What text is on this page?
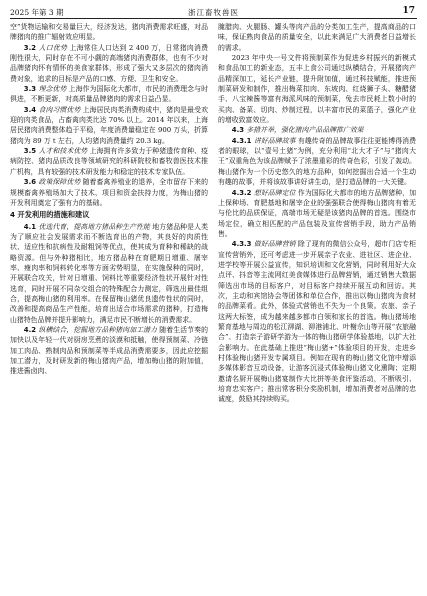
2025 年第 3 期	浙江畜牧兽医	17

空”货物运输和交易量巨大，经济发达，猪肉消费需求旺盛，对品牌猪肉的推广辐射效应明显。

3.2 人口优势 上海常住人口达到 2 400 万，日常猪肉消费刚性很大，同时存在不可小觑的高端猪肉消费群体，也有不少对品牌猪肉怀有情怀的美食家群体，形成了强大又多层次的猪肉消费对象，追求的目标是产品的口感、方便、卫生和安全。

3.3 理念优势 上海作为国际化大都市，市民的消费理念与时俱进，不断更新，对高质量品牌猪肉的需求日益凸显。

3.4 食肉习惯优势 上海居民肉类消费构成中，猪肉是最受欢迎的肉类食品，占畜禽肉类比达 70% 以上。2014 年以来，上海居民猪肉消费整体趋于平稳，年度消费量稳定在 900 万头，折算猪肉为 89 万 t 左右，人均猪肉消费量约 20.3 kg。

3.5 人才和技术优势 上海拥有许多致力于种猪遗传育种、疫病防控、猪肉品质改良等领域研究的科研院校和畜牧兽医技术推广机构，具有较强的技术研发能力和稳定的技术专家队伍。

3.6 政策保障优势 随着畜禽养殖业的退养，全市留存下来的规模畜禽养殖场加大了技术、项目和资金扶持力度，为梅山猪的开发利用奠定了强有力的基础。

4 开发利用的措施和建议

4.1 优选代育，提高地方猪品种生产性能 地方猪品种是人类为了顺应社会发展需求而不断选育出的产物，其良好的肉质性状、适应性和抗病性及耐粗饲等优点，使其成为育种和稀缺的战略资源。但与外种猪相比，地方猪品种在育肥期日增重、屠宰率、瘦肉率和饲料转化率等方面劣势明显，在实施保种的同时，开展联合攻关，针对日增重、饲料比等重要经济性状开展针对性选育，同时开展不同杂交组合的特殊配合力测定，筛选出最佳组合，提高梅山猪的利用率。在保留梅山猪优良遗传性状的同时，改善和提高商品生产性能，培育出适合市场需求的猪种，打造梅山猪特色品牌并提升影响力，满足市民不断增长的消费需求。

4.2 纵横结合，挖掘地方品种猪肉加工潜力 随着生活节奏的加快以及年轻一代对厨房烹煮的淡漠和抵触，使得预制菜、冷链加工肉品、熟制肉品和预制菜等半成品消费需要多，因此应挖掘加工潜力，及时研发新的梅山猪肉产品，增加梅山猪的附加值，推进酱卤肉、

腌腊肉、火腿肠、罐头等肉产品的分类加工生产，提高商品的口味，保证熟肉食品的质量安全，以此来满足广大消费者日益增长的需求。

2023 年中央一号文件将预制菜作为促进乡村振兴的新模式和食品加工的新业态，五丰上食公司通过纵横结合，开展猪肉产品精深加工，延长产业链，提升附加值，通过科技赋能，推进预制菜研发和制作，推出梅菜扣肉、东坡肉、红烧狮子头、糖醋猪手、八宝辣酱等富有海派风味的预制菜，兔去市民耗上数小时的买肉、备菜、切肉、炒制过程，以丰富市民的菜篮子，强化产业的增收致富效应。

4.3 多措并举，强化猪肉产品品牌推广效果

4.3.1 讲好品牌故事 有趣传奇的品牌故事往往更能博得消费者的眼球，以“壹号土猪”为例，充分利用“北大才子”与“猪肉大王”双重角色为该品牌赋予了浓墨重彩的传奇色彩，引发了轰动。梅山猪作为一个历史悠久的地方品种，如何挖掘出合适一个生动有趣的故事，并将该故事讲好讲生动，是打造品牌的一大关键。

4.3.2 想好品牌定位 作为国际化大都市的地方品牌猪种，加上保种场、育肥基地和屠宰企业的强强联合使得梅山猪肉有着无与伦比的品质保证，高端市场无疑是该猪肉品牌的首选。围绕市场定位，确立相匹配的产品包装及宣传营销手段，助力产品销售。

4.3.3 做好品牌营销 除了现有的微信公众号，超市门店专柜宣传营销外，还可考虑进一步开展亲子农业、进社区、进企业、进学校等开展公益宣传，知识培训和文化营销，同时利用好大众点评、抖音等主流网红美食媒体进行品牌营销，通过销售大数据筛选出市场的目标客户，对目标客户持续开展互动和回访。其次，主动和宾馆协会等团体和单位合作，推出以梅山猪肉为食材的品牌菜肴。此外，体验式营销也不失为一个良策。农旅、亲子这两大标签，成为越来越多都市白领和家长的首选。梅山猪场地繁育基地与周边的松江泖湖、泖港浦北、叶榭佘山等开展“农旅融合”、打造亲子游研学游为一体的梅山猪研学体验基地，以扩大社会影响力。在此基础上推进“梅山猪+”体验项目的开发，走进乡村体验梅山猪开发专属项目。例如在现有的梅山猪文化馆中增添多媒体影音互动设备，让游客沉浸式体验梅山猪文化熏陶；定期邀请名厨开展梅山猪宴制作大比拼等美食评鉴活动，不断吸引、培育忠实客户；推出常客积分奖励机制，增加消费者对品牌的忠诚度，鼓励其持续购买。
